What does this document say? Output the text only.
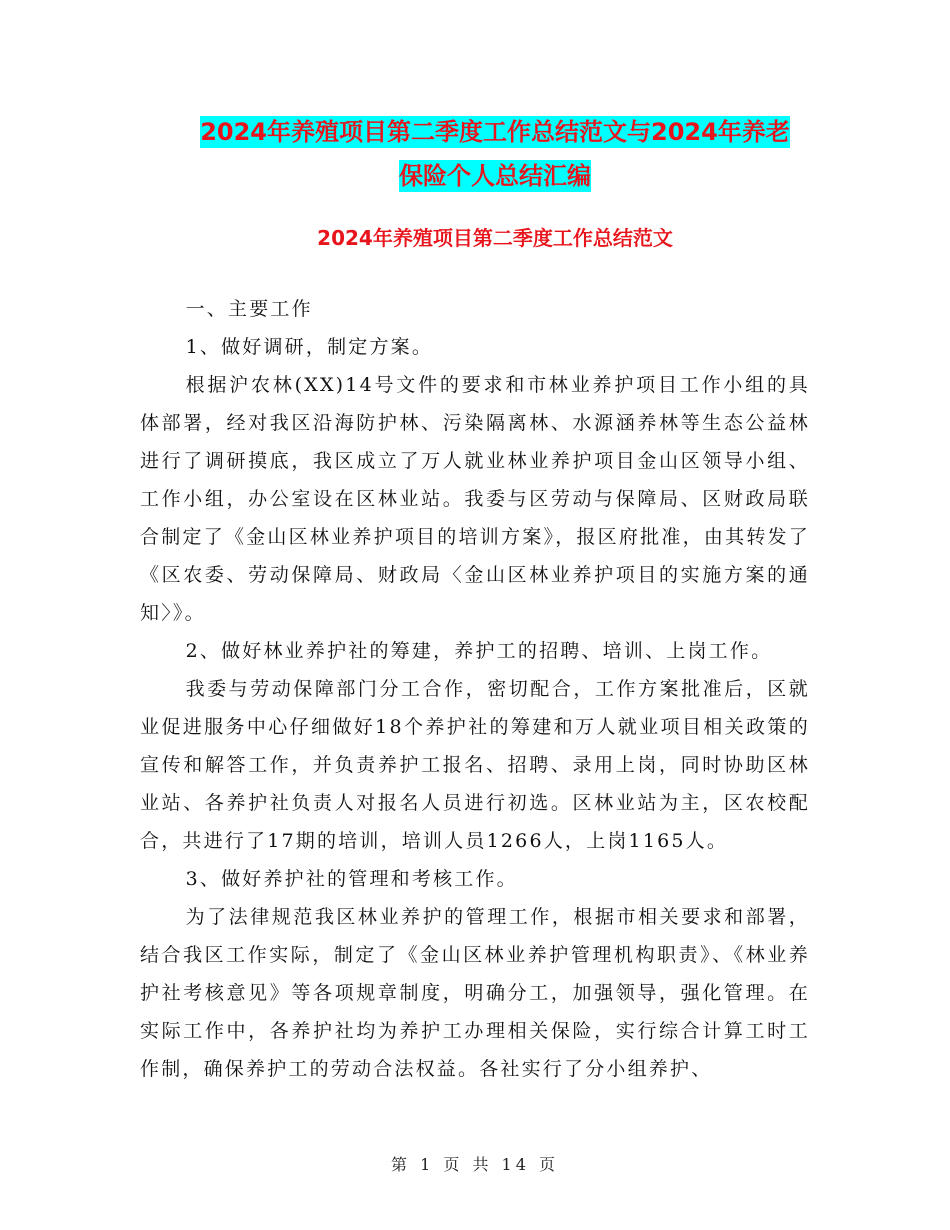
2024年养殖项目第二季度工作总结范文与2024年养老
保险个人总结汇编
2024年养殖项目第二季度工作总结范文

一、主要工作

1、做好调研，制定方案。

根据沪农林(XX)14号文件的要求和市林业养护项目工作小组的具体部署，经对我区沿海防护林、污染隔离林、水源涵养林等生态公益林进行了调研摸底，我区成立了万人就业林业养护项目金山区领导小组、工作小组，办公室设在区林业站。我委与区劳动与保障局、区财政局联合制定了《金山区林业养护项目的培训方案》，报区府批准，由其转发了《区农委、劳动保障局、财政局〈金山区林业养护项目的实施方案的通知〉》。

2、做好林业养护社的筹建，养护工的招聘、培训、上岗工作。

我委与劳动保障部门分工合作，密切配合，工作方案批准后，区就业促进服务中心仔细做好18个养护社的筹建和万人就业项目相关政策的宣传和解答工作，并负责养护工报名、招聘、录用上岗，同时协助区林业站、各养护社负责人对报名人员进行初选。区林业站为主，区农校配合，共进行了17期的培训，培训人员1266人，上岗1165人。

3、做好养护社的管理和考核工作。

为了法律规范我区林业养护的管理工作，根据市相关要求和部署，结合我区工作实际，制定了《金山区林业养护管理机构职责》、《林业养护社考核意见》等各项规章制度，明确分工，加强领导，强化管理。在实际工作中，各养护社均为养护工办理相关保险，实行综合计算工时工作制，确保养护工的劳动合法权益。各社实行了分小组养护、

第 1 页 共 14 页
